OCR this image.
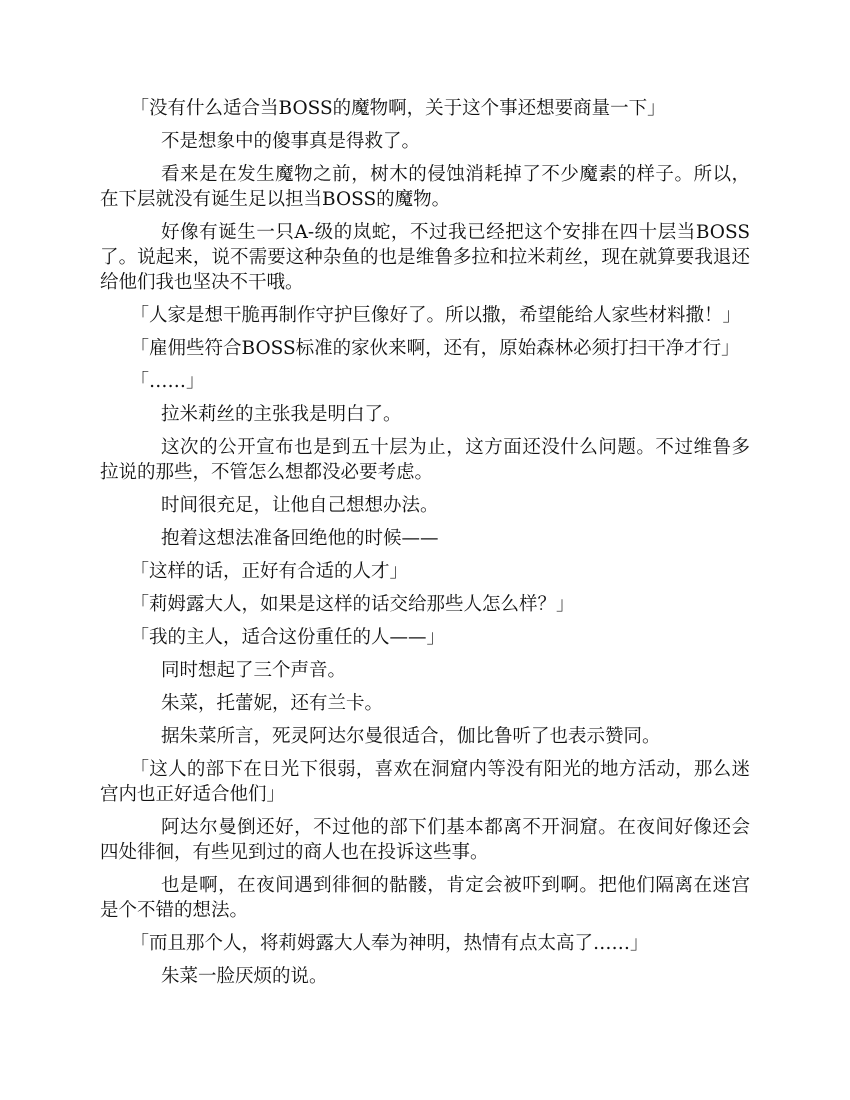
「没有什么适合当BOSS的魔物啊，关于这个事还想要商量一下」

不是想象中的傻事真是得救了。

看来是在发生魔物之前，树木的侵蚀消耗掉了不少魔素的样子。所以，在下层就没有诞生足以担当BOSS的魔物。

好像有诞生一只A-级的岚蛇，不过我已经把这个安排在四十层当BOSS了。说起来，说不需要这种杂鱼的也是维鲁多拉和拉米莉丝，现在就算要我退还给他们我也坚决不干哦。

「人家是想干脆再制作守护巨像好了。所以撒，希望能给人家些材料撒！」

「雇佣些符合BOSS标准的家伙来啊，还有，原始森林必须打扫干净才行」

「……」

拉米莉丝的主张我是明白了。

这次的公开宣布也是到五十层为止，这方面还没什么问题。不过维鲁多拉说的那些，不管怎么想都没必要考虑。

时间很充足，让他自己想想办法。

抱着这想法准备回绝他的时候——

「这样的话，正好有合适的人才」

「莉姆露大人，如果是这样的话交给那些人怎么样？」

「我的主人，适合这份重任的人——」

同时想起了三个声音。

朱菜，托蕾妮，还有兰卡。

据朱菜所言，死灵阿达尔曼很适合，伽比鲁听了也表示赞同。

「这人的部下在日光下很弱，喜欢在洞窟内等没有阳光的地方活动，那么迷宫内也正好适合他们」

阿达尔曼倒还好，不过他的部下们基本都离不开洞窟。在夜间好像还会四处徘徊，有些见到过的商人也在投诉这些事。

也是啊，在夜间遇到徘徊的骷髅，肯定会被吓到啊。把他们隔离在迷宫是个不错的想法。

「而且那个人，将莉姆露大人奉为神明，热情有点太高了……」

朱菜一脸厌烦的说。
